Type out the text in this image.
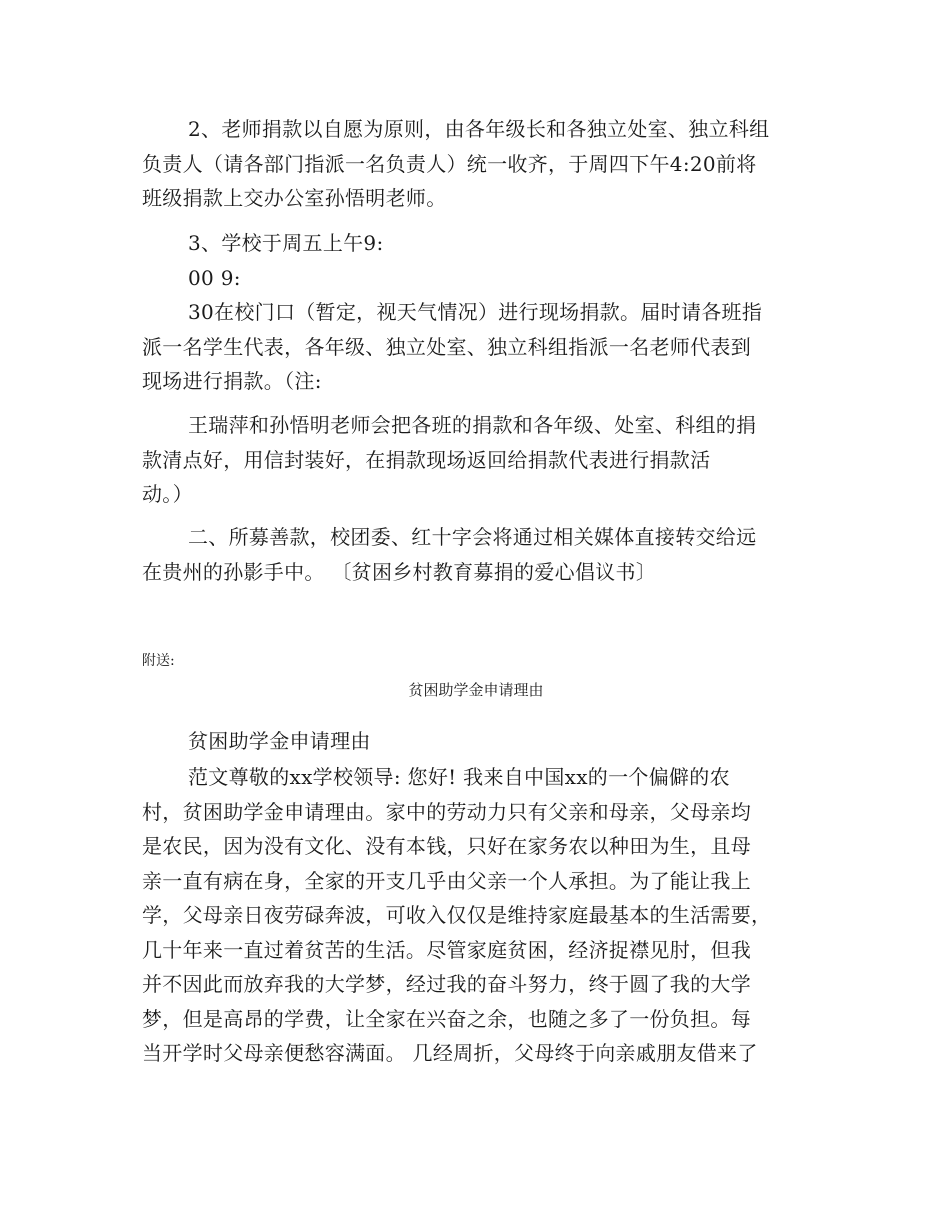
2、老师捐款以自愿为原则，由各年级长和各独立处室、独立科组
负责人（请各部门指派一名负责人）统一收齐，于周四下午4:20前将
班级捐款上交办公室孙悟明老师。
3、学校于周五上午9:
00 9:
30在校门口（暂定，视天气情况）进行现场捐款。届时请各班指
派一名学生代表，各年级、独立处室、独立科组指派一名老师代表到
现场进行捐款。（注:
王瑞萍和孙悟明老师会把各班的捐款和各年级、处室、科组的捐
款清点好，用信封装好，在捐款现场返回给捐款代表进行捐款活
动。）
二、所募善款，校团委、红十字会将通过相关媒体直接转交给远
在贵州的孙影手中。 〔贫困乡村教育募捐的爱心倡议书〕

附送:

贫困助学金申请理由

贫困助学金申请理由
范文尊敬的xx学校领导: 您好! 我来自中国xx的一个偏僻的农
村，贫困助学金申请理由。家中的劳动力只有父亲和母亲，父母亲均
是农民，因为没有文化、没有本钱，只好在家务农以种田为生，且母
亲一直有病在身，全家的开支几乎由父亲一个人承担。为了能让我上
学，父母亲日夜劳碌奔波，可收入仅仅是维持家庭最基本的生活需要，
几十年来一直过着贫苦的生活。尽管家庭贫困，经济捉襟见肘，但我
并不因此而放弃我的大学梦，经过我的奋斗努力，终于圆了我的大学
梦，但是高昂的学费，让全家在兴奋之余，也随之多了一份负担。每
当开学时父母亲便愁容满面。 几经周折，父母终于向亲戚朋友借来了
